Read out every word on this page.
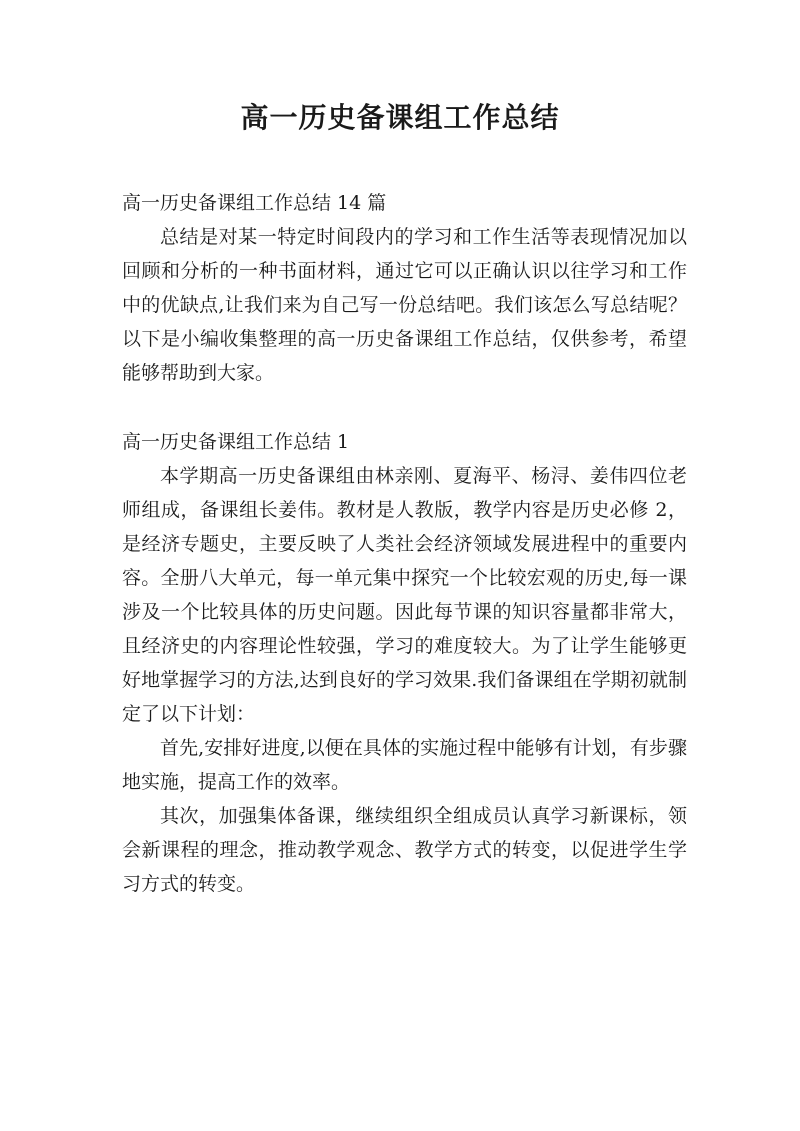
高一历史备课组工作总结

高一历史备课组工作总结 14 篇

总结是对某一特定时间段内的学习和工作生活等表现情况加以回顾和分析的一种书面材料，通过它可以正确认识以往学习和工作中的优缺点,让我们来为自己写一份总结吧。我们该怎么写总结呢？以下是小编收集整理的高一历史备课组工作总结，仅供参考，希望能够帮助到大家。

高一历史备课组工作总结 1

本学期高一历史备课组由林亲刚、夏海平、杨浔、姜伟四位老师组成，备课组长姜伟。教材是人教版，教学内容是历史必修 2，是经济专题史，主要反映了人类社会经济领域发展进程中的重要内容。全册八大单元，每一单元集中探究一个比较宏观的历史,每一课涉及一个比较具体的历史问题。因此每节课的知识容量都非常大，且经济史的内容理论性较强，学习的难度较大。为了让学生能够更好地掌握学习的方法,达到良好的学习效果.我们备课组在学期初就制定了以下计划：

首先,安排好进度,以便在具体的实施过程中能够有计划，有步骤地实施，提高工作的效率。

其次，加强集体备课，继续组织全组成员认真学习新课标，领会新课程的理念，推动教学观念、教学方式的转变，以促进学生学习方式的转变。
